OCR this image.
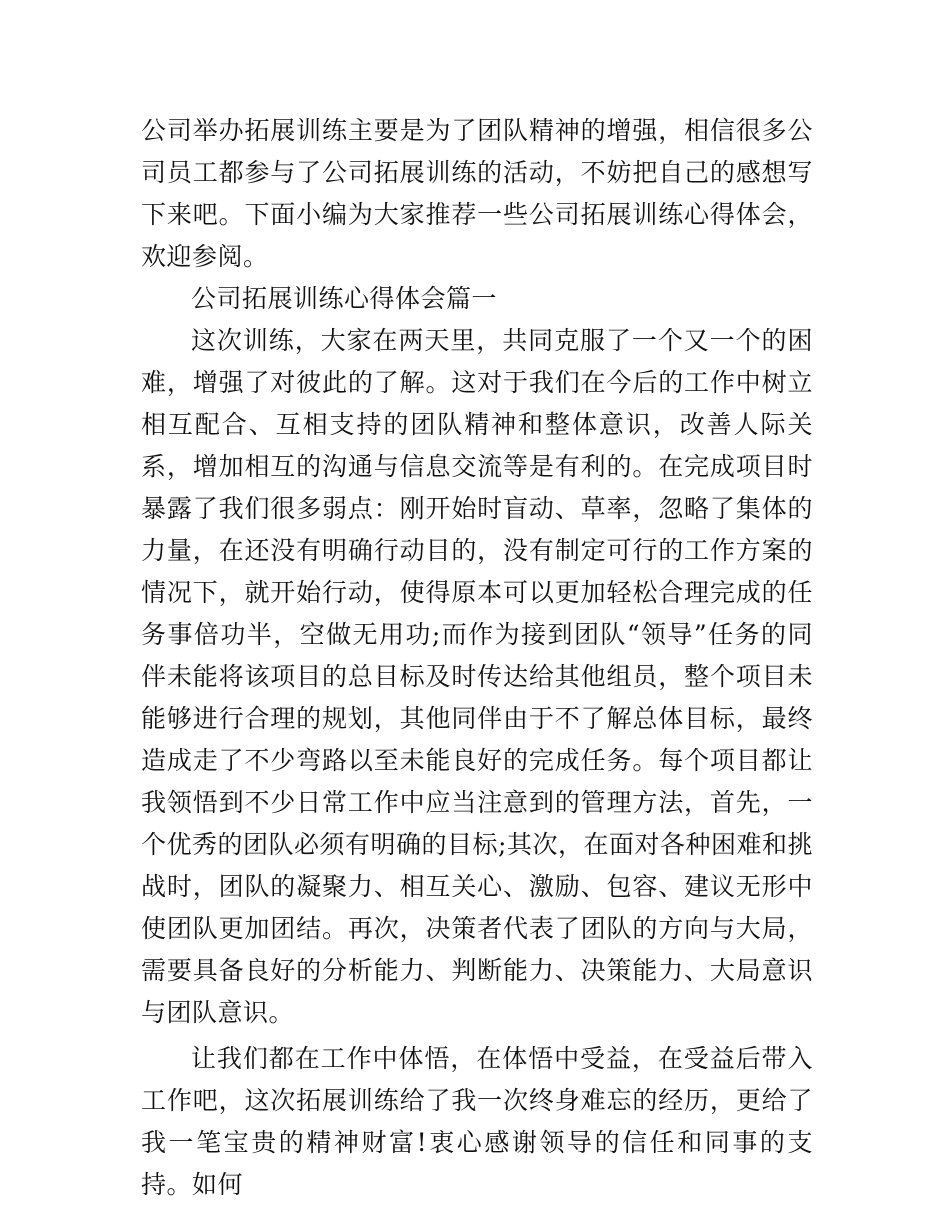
公司举办拓展训练主要是为了团队精神的增强，相信很多公司员工都参与了公司拓展训练的活动，不妨把自己的感想写下来吧。下面小编为大家推荐一些公司拓展训练心得体会，欢迎参阅。

公司拓展训练心得体会篇一

这次训练，大家在两天里，共同克服了一个又一个的困难，增强了对彼此的了解。这对于我们在今后的工作中树立相互配合、互相支持的团队精神和整体意识，改善人际关系，增加相互的沟通与信息交流等是有利的。在完成项目时暴露了我们很多弱点：刚开始时盲动、草率，忽略了集体的力量，在还没有明确行动目的，没有制定可行的工作方案的情况下，就开始行动，使得原本可以更加轻松合理完成的任务事倍功半，空做无用功;而作为接到团队“领导”任务的同伴未能将该项目的总目标及时传达给其他组员，整个项目未能够进行合理的规划，其他同伴由于不了解总体目标，最终造成走了不少弯路以至未能良好的完成任务。每个项目都让我领悟到不少日常工作中应当注意到的管理方法，首先，一个优秀的团队必须有明确的目标;其次，在面对各种困难和挑战时，团队的凝聚力、相互关心、激励、包容、建议无形中使团队更加团结。再次，决策者代表了团队的方向与大局，需要具备良好的分析能力、判断能力、决策能力、大局意识与团队意识。

让我们都在工作中体悟，在体悟中受益，在受益后带入工作吧，这次拓展训练给了我一次终身难忘的经历，更给了我一笔宝贵的精神财富!衷心感谢领导的信任和同事的支持。如何
